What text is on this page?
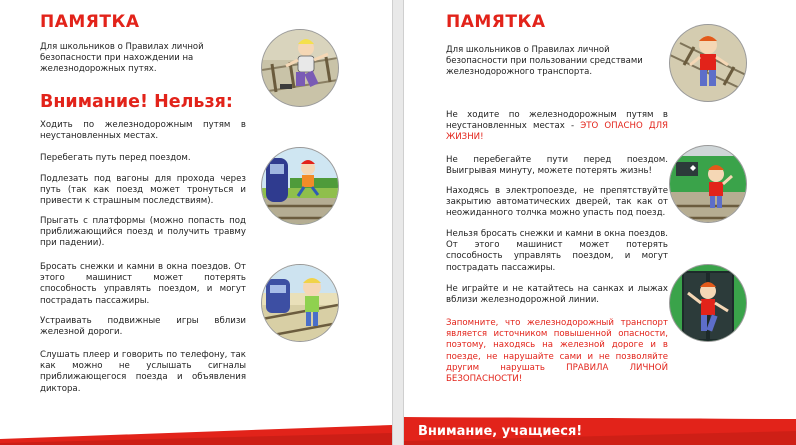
ПАМЯТКА

Для школьников о Правилах личной безопасности при нахождении на железнодорожных путях.

Внимание! Нельзя:

Ходить по железнодорожным путям в неустановленных местах.

Перебегать путь перед поездом.

Подлезать под вагоны для прохода через путь (так как поезд может тронуться и привести к страшным последствиям).

Прыгать с платформы (можно попасть под приближающийся поезд и получить травму при падении).

Бросать снежки и камни в окна поездов. От этого машинист может потерять способность управлять поездом, и могут пострадать пассажиры.

Устраивать подвижные игры вблизи железной дороги.

Слушать плеер и говорить по телефону, так как можно не услышать сигналы приближающегося поезда и объявления диктора.

ПАМЯТКА

Для школьников о Правилах личной безопасности при пользовании средствами железнодорожного транспорта.

Не ходите по железнодорожным путям в неустановленных местах - ЭТО ОПАСНО ДЛЯ ЖИЗНИ!

Не перебегайте пути перед поездом. Выигрывая минуту, можете потерять жизнь!

Находясь в электропоезде, не препятствуйте закрытию автоматических дверей, так как от неожиданного толчка можно упасть под поезд.

Нельзя бросать снежки и камни в окна поездов. От этого машинист может потерять способность управлять поездом, и могут пострадать пассажиры.

Не играйте и не катайтесь на санках и лыжах вблизи железнодорожной линии.

Запомните, что железнодорожный транспорт является источником повышенной опасности, поэтому, находясь на железной дороге и в поезде, не нарушайте сами и не позволяйте другим нарушать ПРАВИЛА ЛИЧНОЙ БЕЗОПАСНОСТИ!

Внимание, учащиеся!
